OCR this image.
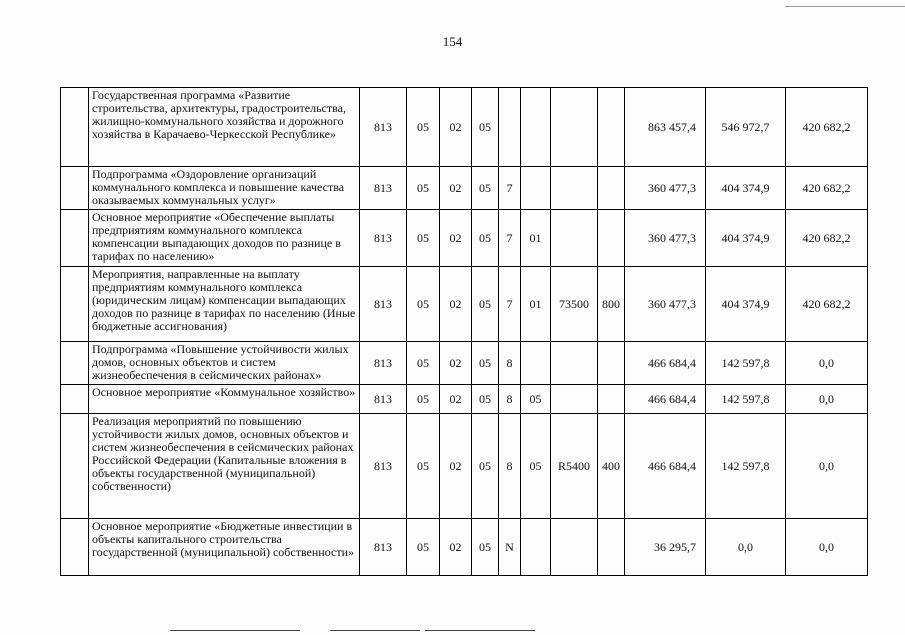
154
	Государственная программа «Развитие строительства, архитектуры, градостроительства, жилищно-коммунального хозяйства и дорожного хозяйства в Карачаево-Черкесской Республике»	813	05	02	05					863 457,4	546 972,7	420 682,2
	Подпрограмма «Оздоровление организаций коммунального комплекса и повышение качества оказываемых коммунальных услуг»	813	05	02	05	7				360 477,3	404 374,9	420 682,2
	Основное мероприятие «Обеспечение выплаты предприятиям коммунального комплекса компенсации выпадающих доходов по разнице в тарифах по населению»	813	05	02	05	7	01			360 477,3	404 374,9	420 682,2
	Мероприятия, направленные на выплату предприятиям коммунального комплекса (юридическим лицам) компенсации выпадающих доходов по разнице в тарифах по населению (Иные бюджетные ассигнования)	813	05	02	05	7	01	73500	800	360 477,3	404 374,9	420 682,2
	Подпрограмма «Повышение устойчивости жилых домов, основных объектов и систем жизнеобеспечения в сейсмических районах»	813	05	02	05	8				466 684,4	142 597,8	0,0
	Основное мероприятие «Коммунальное хозяйство»	813	05	02	05	8	05			466 684,4	142 597,8	0,0
	Реализация мероприятий по повышению устойчивости жилых домов, основных объектов и систем жизнеобеспечения в сейсмических районах Российской Федерации (Капитальные вложения в объекты государственной (муниципальной) собственности)	813	05	02	05	8	05	R5400	400	466 684,4	142 597,8	0,0
	Основное мероприятие «Бюджетные инвестиции в объекты капитального строительства государственной (муниципальной) собственности»	813	05	02	05	N				36 295,7	0,0	0,0
